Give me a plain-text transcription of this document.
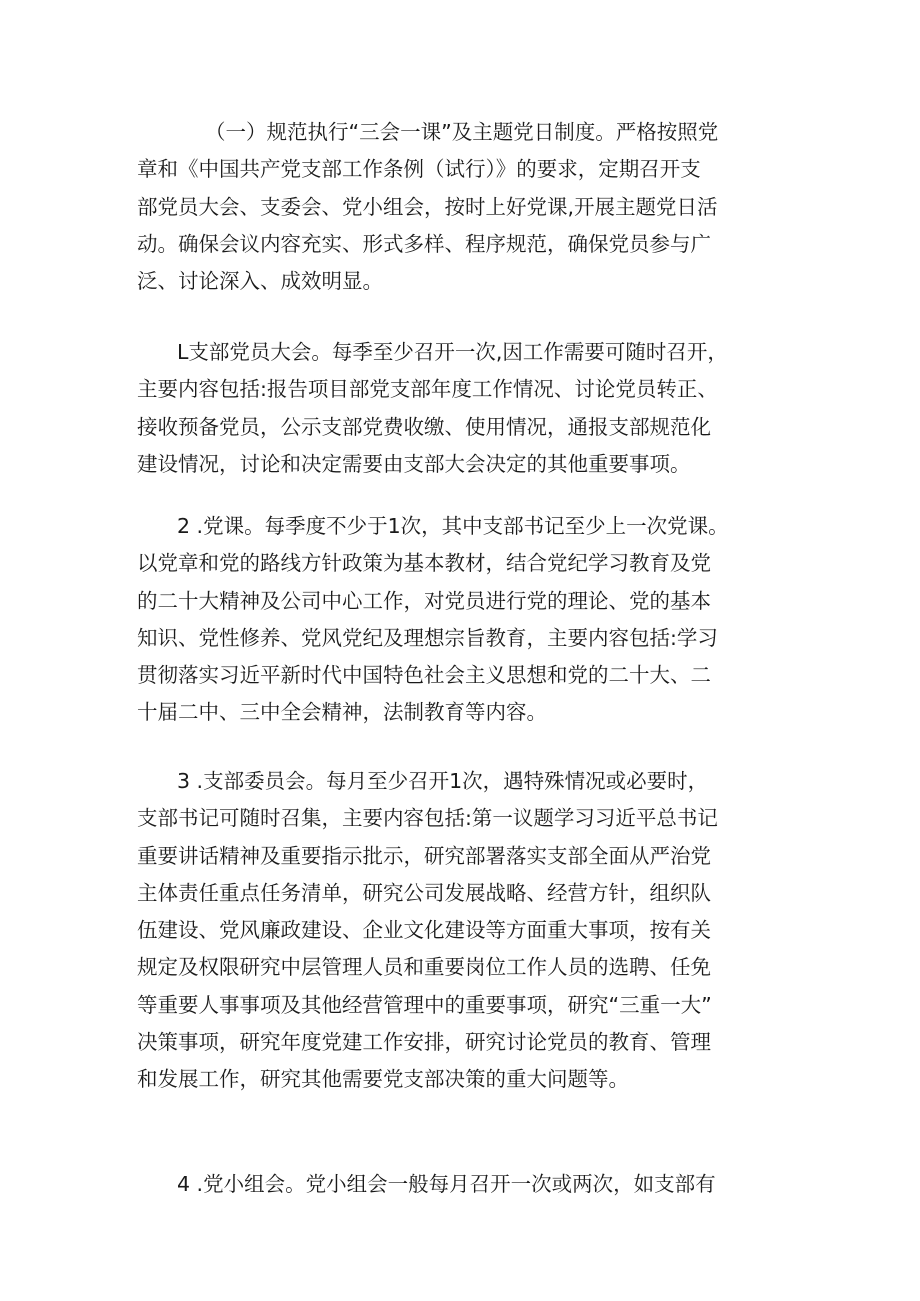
（一）规范执行“三会一课”及主题党日制度。严格按照党
章和《中国共产党支部工作条例（试行）》的要求，定期召开支
部党员大会、支委会、党小组会，按时上好党课,开展主题党日活
动。确保会议内容充实、形式多样、程序规范，确保党员参与广
泛、讨论深入、成效明显。
L支部党员大会。每季至少召开一次,因工作需要可随时召开，
主要内容包括:报告项目部党支部年度工作情况、讨论党员转正、
接收预备党员，公示支部党费收缴、使用情况，通报支部规范化
建设情况，讨论和决定需要由支部大会决定的其他重要事项。
2 .党课。每季度不少于1次，其中支部书记至少上一次党课。
以党章和党的路线方针政策为基本教材，结合党纪学习教育及党
的二十大精神及公司中心工作，对党员进行党的理论、党的基本
知识、党性修养、党风党纪及理想宗旨教育，主要内容包括:学习
贯彻落实习近平新时代中国特色社会主义思想和党的二十大、二
十届二中、三中全会精神，法制教育等内容。
3 .支部委员会。每月至少召开1次，遇特殊情况或必要时，
支部书记可随时召集，主要内容包括:第一议题学习习近平总书记
重要讲话精神及重要指示批示，研究部署落实支部全面从严治党
主体责任重点任务清单，研究公司发展战略、经营方针，组织队
伍建设、党风廉政建设、企业文化建设等方面重大事项，按有关
规定及权限研究中层管理人员和重要岗位工作人员的选聘、任免
等重要人事事项及其他经营管理中的重要事项，研究“三重一大”
决策事项，研究年度党建工作安排，研究讨论党员的教育、管理
和发展工作，研究其他需要党支部决策的重大问题等。
4 .党小组会。党小组会一般每月召开一次或两次，如支部有
